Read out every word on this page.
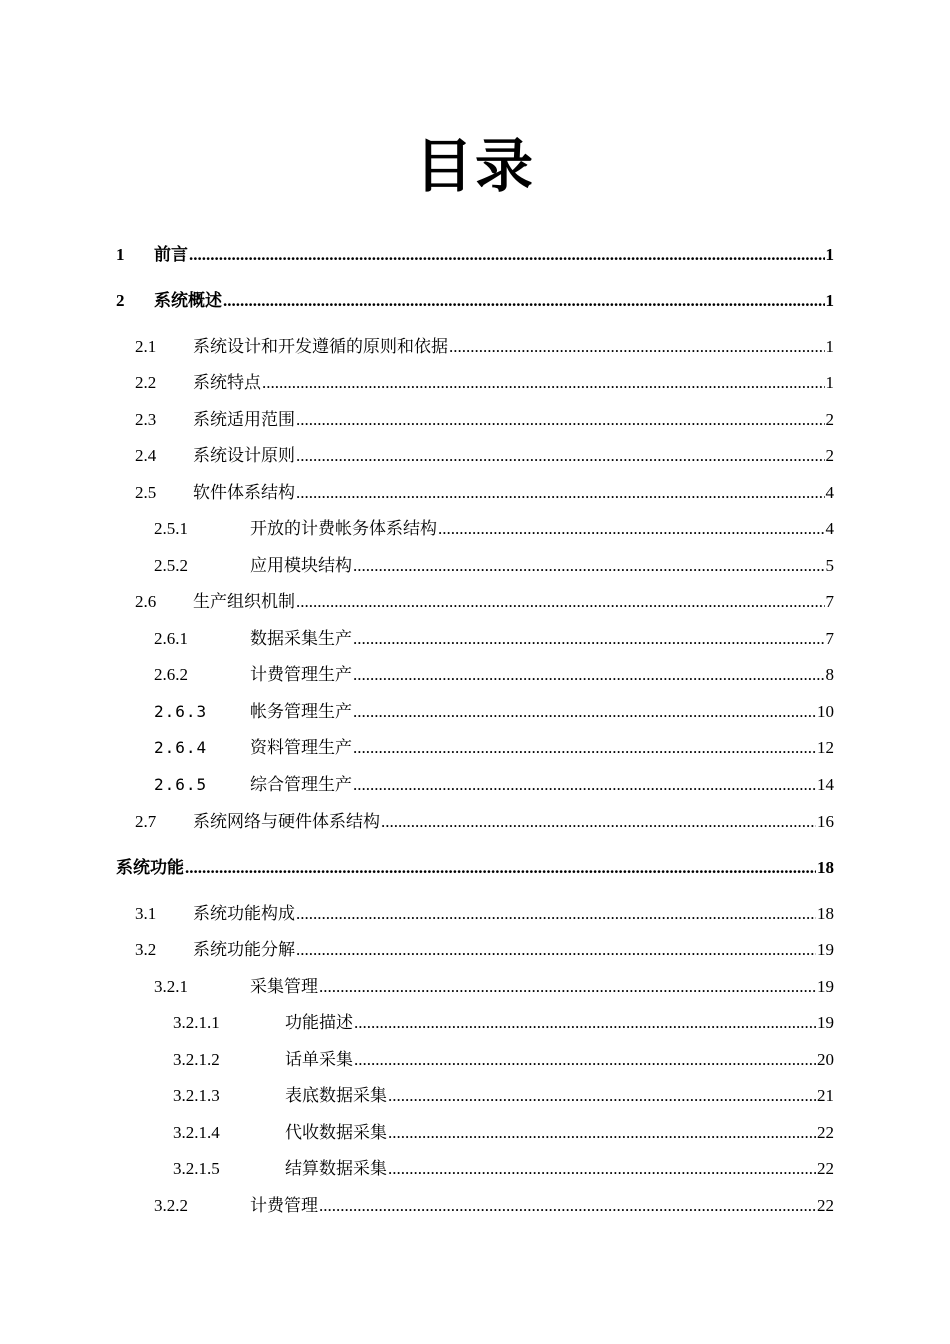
目录
1	前言 .....	1
2	系统概述 .....	1
2.1	系统设计和开发遵循的原则和依据 .....	1
2.2	系统特点 .....	1
2.3	系统适用范围 .....	2
2.4	系统设计原则 .....	2
2.5	软件体系结构 .....	4
2.5.1	开放的计费帐务体系结构 .....	4
2.5.2	应用模块结构 .....	5
2.6	生产组织机制 .....	7
2.6.1	数据采集生产 .....	7
2.6.2	计费管理生产 .....	8
2.6.3	帐务管理生产 .....	10
2.6.4	资料管理生产 .....	12
2.6.5	综合管理生产 .....	14
2.7	系统网络与硬件体系结构 .....	16
系统功能 .....	18
3.1	系统功能构成 .....	18
3.2	系统功能分解 .....	19
3.2.1	采集管理 .....	19
3.2.1.1	功能描述 .....	19
3.2.1.2	话单采集 .....	20
3.2.1.3	表底数据采集 .....	21
3.2.1.4	代收数据采集 .....	22
3.2.1.5	结算数据采集 .....	22
3.2.2	计费管理 .....	22
